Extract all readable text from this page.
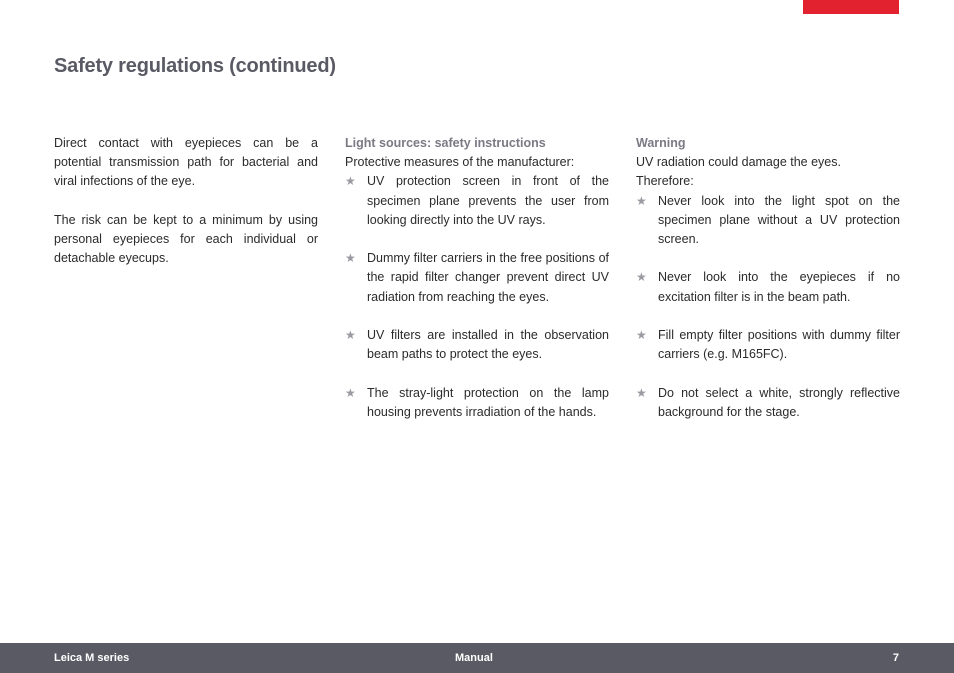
Safety regulations (continued)

Direct contact with eyepieces can be a potential transmission path for bacterial and viral infections of the eye.

The risk can be kept to a minimum by using personal eyepieces for each individual or detachable eyecups.

Light sources: safety instructions

Protective measures of the manufacturer:

★ UV protection screen in front of the specimen plane prevents the user from looking directly into the UV rays.
★ Dummy filter carriers in the free positions of the rapid filter changer prevent direct UV radiation from reaching the eyes.
★ UV filters are installed in the observation beam paths to protect the eyes.
★ The stray-light protection on the lamp housing prevents irradiation of the hands.

Warning

UV radiation could damage the eyes. Therefore:

★ Never look into the light spot on the specimen plane without a UV protection screen.
★ Never look into the eyepieces if no excitation filter is in the beam path.
★ Fill empty filter positions with dummy filter carriers (e.g. M165FC).
★ Do not select a white, strongly reflective background for the stage.
Leica M series	Manual	7
